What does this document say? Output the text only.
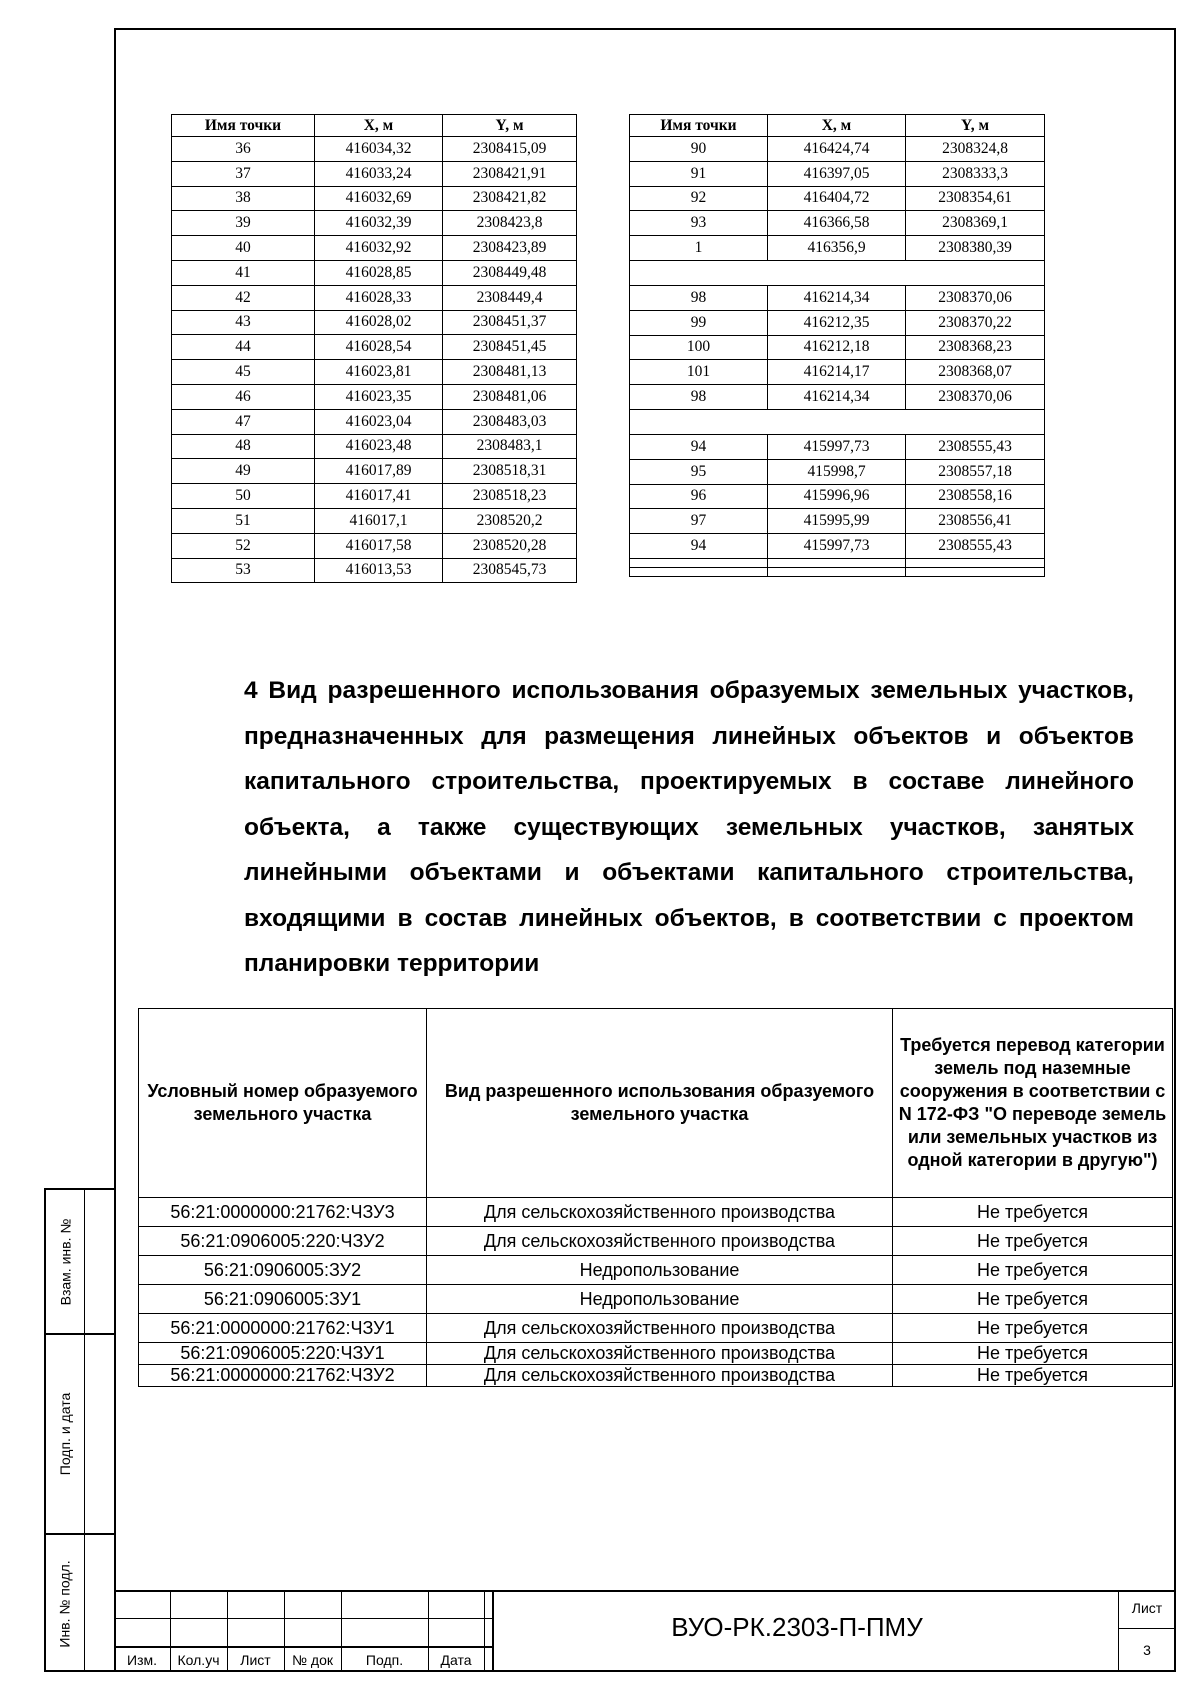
Имя точки	X, м	Y, м
36	416034,32	2308415,09
37	416033,24	2308421,91
38	416032,69	2308421,82
39	416032,39	2308423,8
40	416032,92	2308423,89
41	416028,85	2308449,48
42	416028,33	2308449,4
43	416028,02	2308451,37
44	416028,54	2308451,45
45	416023,81	2308481,13
46	416023,35	2308481,06
47	416023,04	2308483,03
48	416023,48	2308483,1
49	416017,89	2308518,31
50	416017,41	2308518,23
51	416017,1	2308520,2
52	416017,58	2308520,28
53	416013,53	2308545,73
Имя точки	X, м	Y, м
90	416424,74	2308324,8
91	416397,05	2308333,3
92	416404,72	2308354,61
93	416366,58	2308369,1
1	416356,9	2308380,39

98	416214,34	2308370,06
99	416212,35	2308370,22
100	416212,18	2308368,23
101	416214,17	2308368,07
98	416214,34	2308370,06

94	415997,73	2308555,43
95	415998,7	2308557,18
96	415996,96	2308558,16
97	415995,99	2308556,41
94	415997,73	2308555,43

4 Вид разрешенного использования образуемых земельных участков, предназначенных для размещения линейных объектов и объектов капитального строительства, проектируемых в составе линейного объекта, а также существующих земельных участков, занятых линейными объектами и объектами капитального строительства, входящими в состав линейных объектов, в соответствии с проектом планировки территории
Условный номер образуемого земельного участка	Вид разрешенного использования образуемого земельного участка	Требуется перевод категории земель под наземные сооружения в соответствии с N 172-ФЗ "О переводе земель или земельных участков из одной категории в другую")
56:21:0000000:21762:ЧЗУ3	Для сельскохозяйственного производства	Не требуется
56:21:0906005:220:ЧЗУ2	Для сельскохозяйственного производства	Не требуется
56:21:0906005:ЗУ2	Недропользование	Не требуется
56:21:0906005:ЗУ1	Недропользование	Не требуется
56:21:0000000:21762:ЧЗУ1	Для сельскохозяйственного производства	Не требуется
56:21:0906005:220:ЧЗУ1	Для сельскохозяйственного производства	Не требуется
56:21:0000000:21762:ЧЗУ2	Для сельскохозяйственного производства	Не требуется
Взам. инв. №
Подп. и дата
Инв. № подл.
Изм.	Кол.уч	Лист	№ док	Подп.	Дата
ВУО-РК.2303-П-ПМУ
Лист
3
